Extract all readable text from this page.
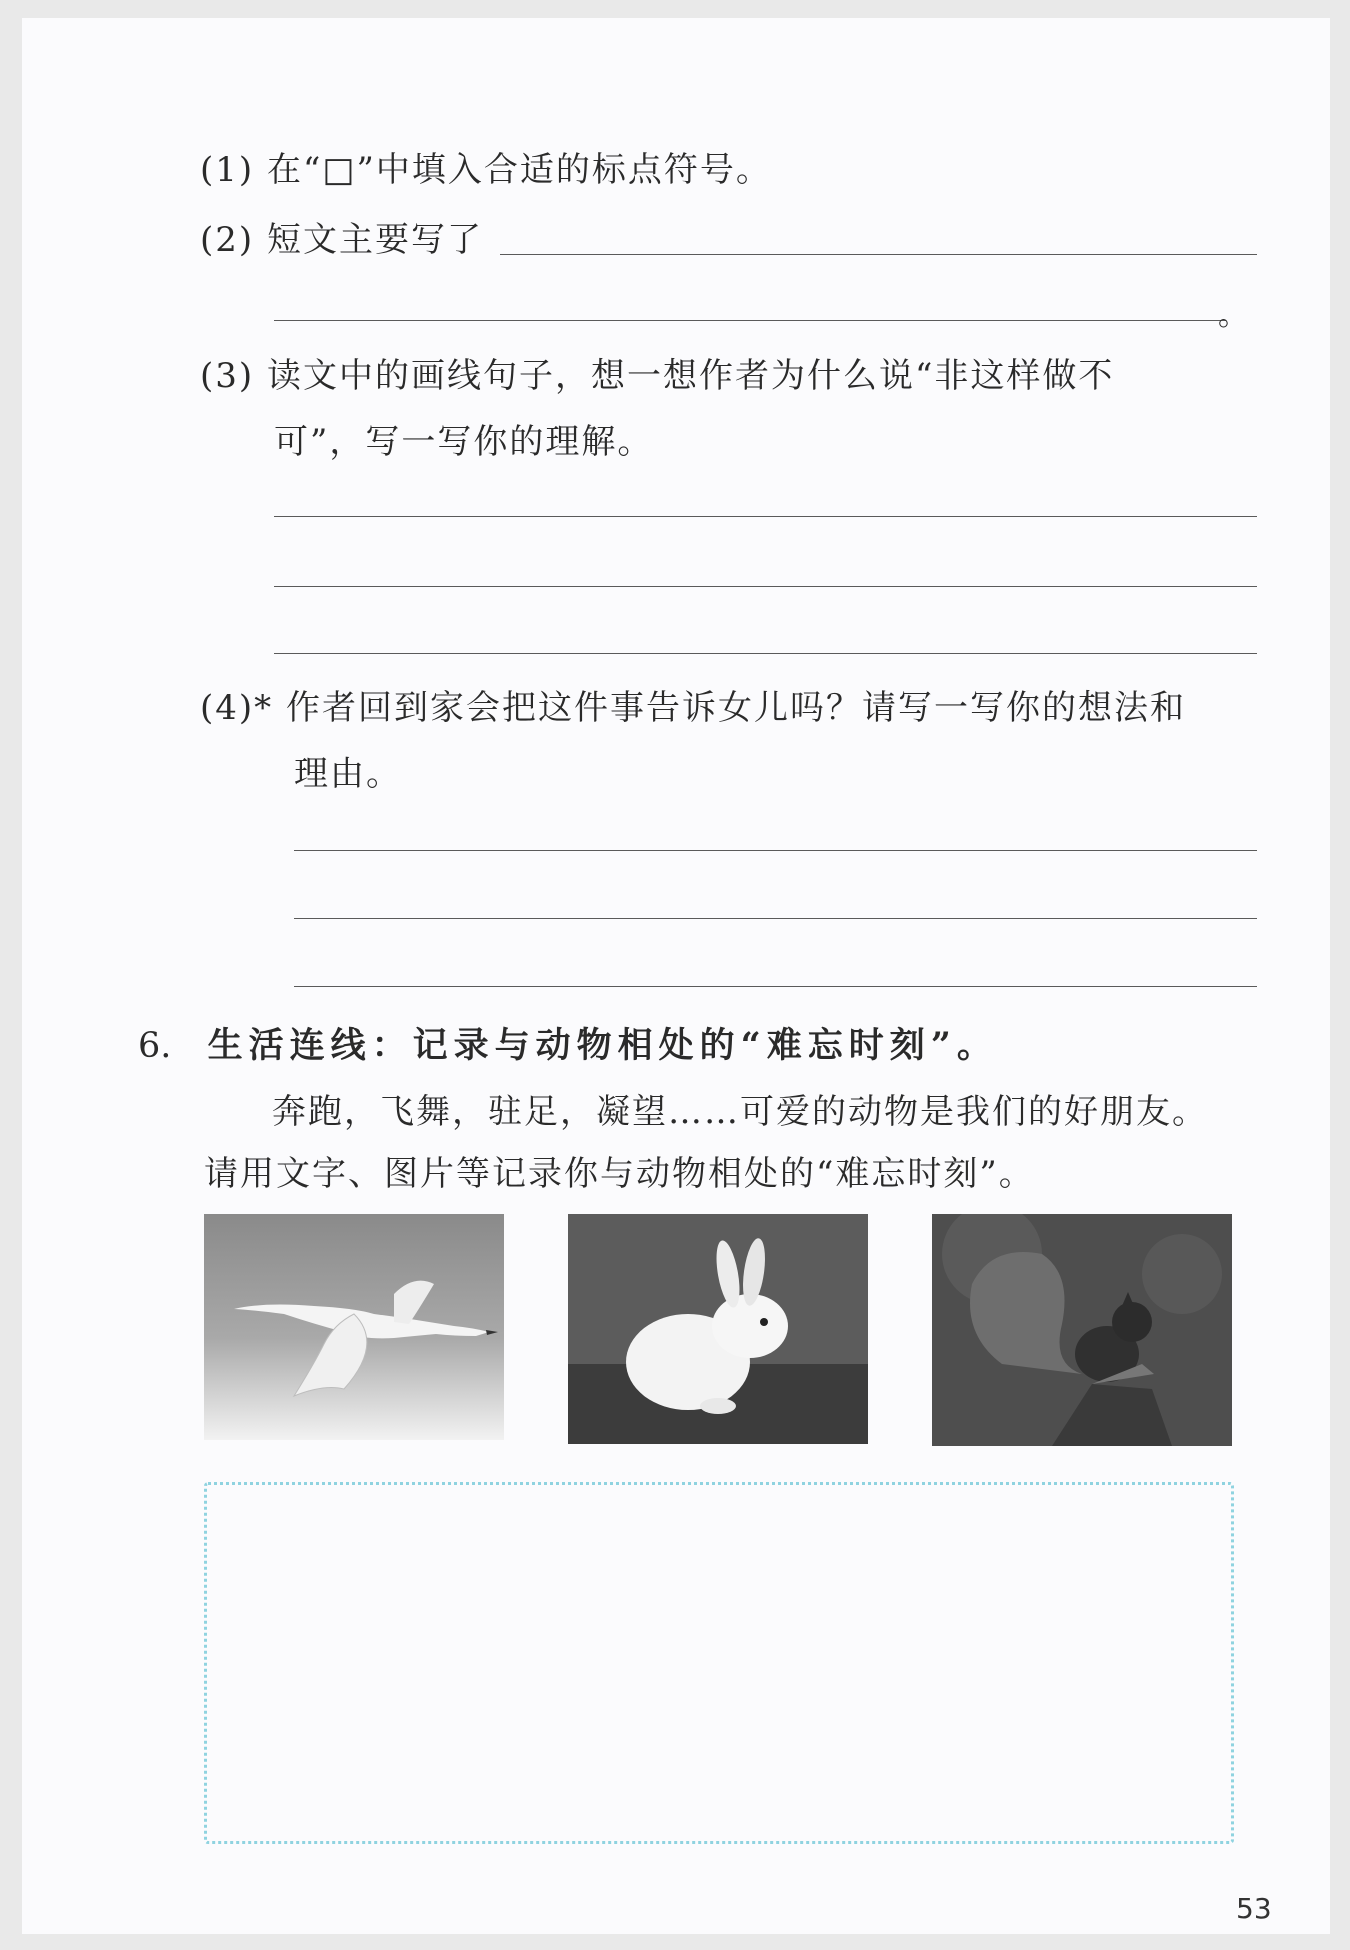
(1) 在“□”中填入合适的标点符号。
(2) 短文主要写了
。
(3) 读文中的画线句子，想一想作者为什么说“非这样做不
可”，写一写你的理解。
(4)* 作者回到家会把这件事告诉女儿吗？请写一写你的想法和
理由。
6. 生活连线：记录与动物相处的“难忘时刻”。
奔跑，飞舞，驻足，凝望……可爱的动物是我们的好朋友。
请用文字、图片等记录你与动物相处的“难忘时刻”。
53
